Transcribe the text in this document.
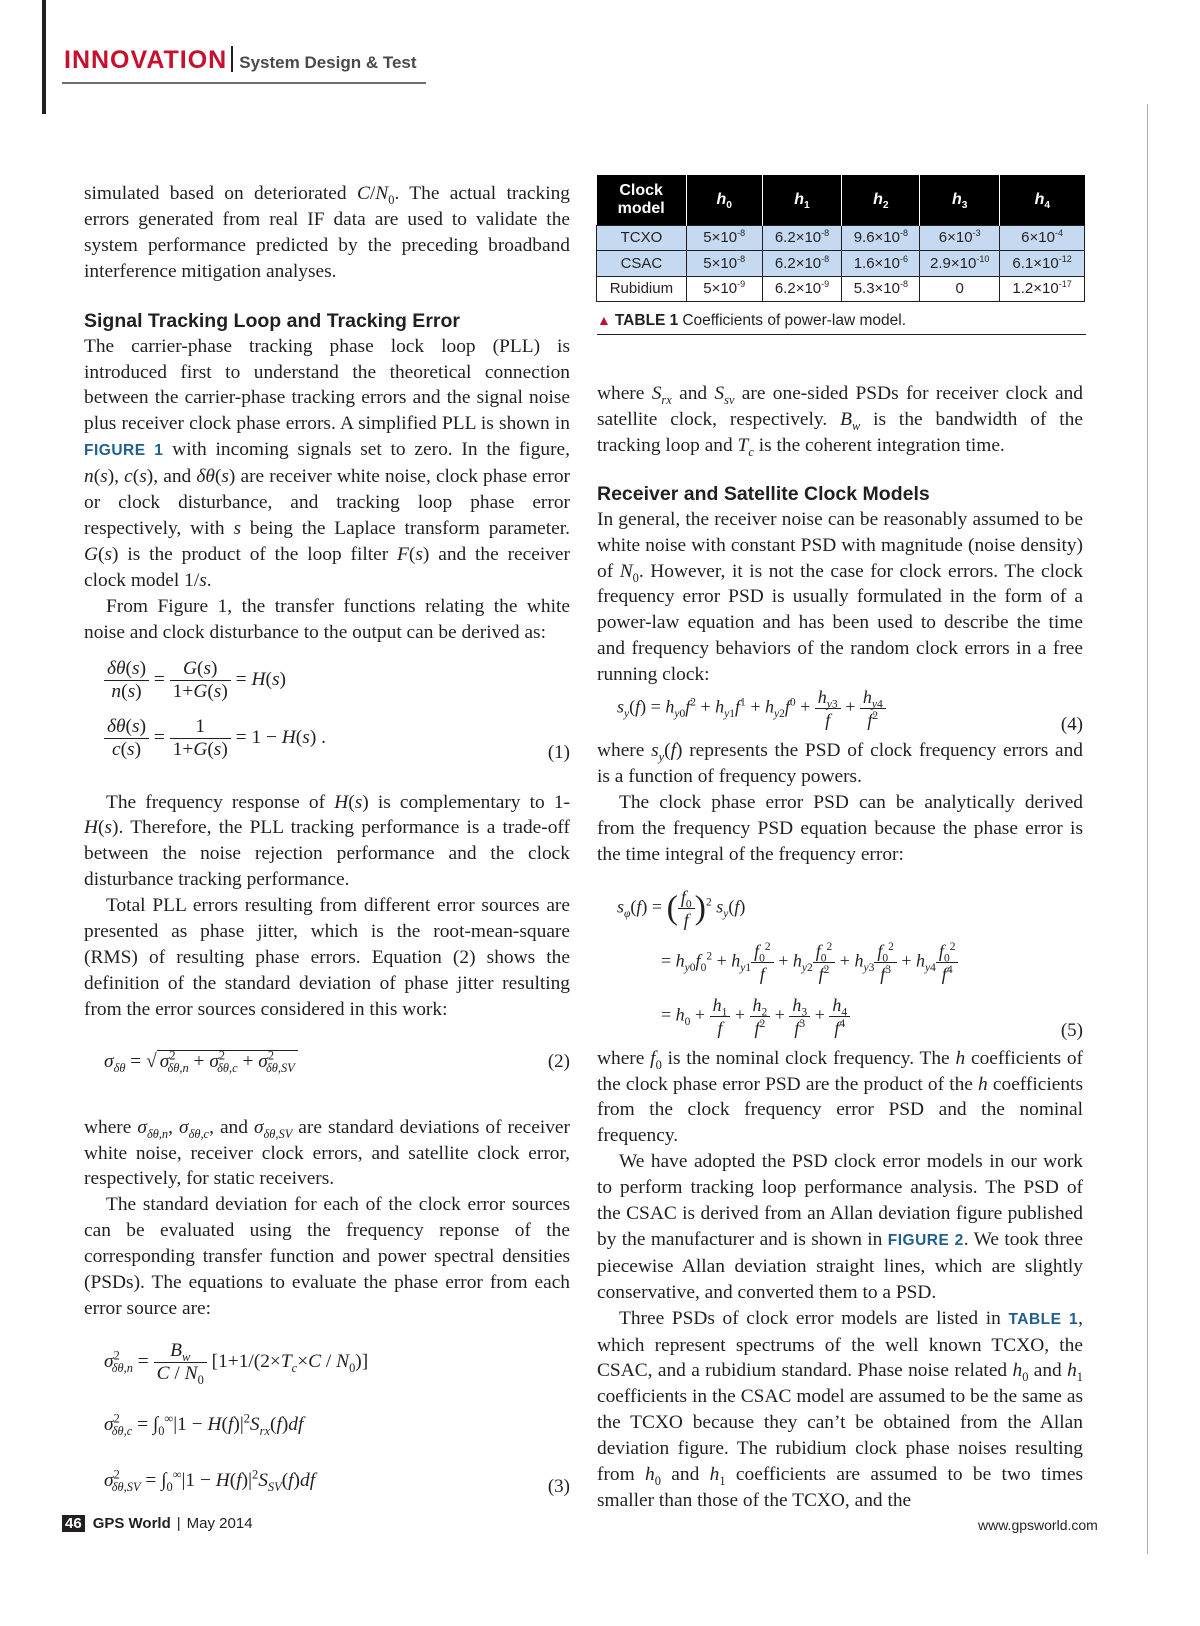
INNOVATION System Design & Test

simulated based on deteriorated $C/N_0$. The actual tracking errors generated from real IF data are used to validate the system performance predicted by the preceding broadband interference mitigation analyses.

Signal Tracking Loop and Tracking Error

The carrier-phase tracking phase lock loop (PLL) is introduced first to understand the theoretical connection between the carrier-phase tracking errors and the signal noise plus receiver clock phase errors. A simplified PLL is shown in FIGURE 1 with incoming signals set to zero. In the figure, n(s), c(s), and δθ(s) are receiver white noise, clock phase error or clock disturbance, and tracking loop phase error respectively, with s being the Laplace transform parameter. G(s) is the product of the loop filter F(s) and the receiver clock model 1/s.

From Figure 1, the transfer functions relating the white noise and clock disturbance to the output can be derived as:

$\frac{\delta\theta(s)}{n(s)} = \frac{G(s)}{1+G(s)} = H(s)$
$\frac{\delta\theta(s)}{c(s)} = \frac{1}{1+G(s)} = 1 - H(s)$ .
(1)

The frequency response of H(s) is complementary to 1-H(s). Therefore, the PLL tracking performance is a trade-off between the noise rejection performance and the clock disturbance tracking performance.

Total PLL errors resulting from different error sources are presented as phase jitter, which is the root-mean-square (RMS) of resulting phase errors. Equation (2) shows the definition of the standard deviation of phase jitter resulting from the error sources considered in this work:

$\sigma_{\delta\theta}$ = √ $\sigma^2_{\delta\theta,n} + \sigma^2_{\delta\theta,c} + \sigma^2_{\delta\theta,SV}$	(2)

where $\sigma_{\delta\theta,n}$, $\sigma_{\delta\theta,c}$, and $\sigma_{\delta\theta,SV}$ are standard deviations of receiver white noise, receiver clock errors, and satellite clock error, respectively, for static receivers.

The standard deviation for each of the clock error sources can be evaluated using the frequency reponse of the corresponding transfer function and power spectral densities (PSDs). The equations to evaluate the phase error from each error source are:

$\sigma^2_{\delta\theta,n} = \frac{B_w}{C / N_0} [1+1/(2\times T_c\times C / N_0)]$
$\sigma^2_{\delta\theta,c} = \int_0^\infty|1 - H(f)|^2S_{rx}(f)df$
$\sigma^2_{\delta\theta,SV} = \int_0^\infty|1 - H(f)|^2S_{SV}(f)df$	(3)
Clock model	$h_0$	$h_1$	$h_2$	$h_3$	$h_4$
TCXO	$5\times 10^{-8}$	$6.2\times 10^{-8}$	$9.6\times 10^{-8}$	$6\times 10^{-3}$	$6\times 10^{-4}$
CSAC	$5\times 10^{-8}$	$6.2\times 10^{-8}$	$1.6\times 10^{-6}$	$2.9\times 10^{-10}$	$6.1\times 10^{-12}$
Rubidium	$5\times 10^{-9}$	$6.2\times 10^{-9}$	$5.3\times 10^{-8}$	0	$1.2\times 10^{-17}$
▲ TABLE 1 Coefficients of power-law model.

where $S_{rx}$ and $S_{sv}$ are one-sided PSDs for receiver clock and satellite clock, respectively. $B_w$ is the bandwidth of the tracking loop and $T_c$ is the coherent integration time.

Receiver and Satellite Clock Models

In general, the receiver noise can be reasonably assumed to be white noise with constant PSD with magnitude (noise density) of $N_0$. However, it is not the case for clock errors. The clock frequency error PSD is usually formulated in the form of a power-law equation and has been used to describe the time and frequency behaviors of the random clock errors in a free running clock:

$s_y(f) = h_{y0}f^2 + h_{y1}f^1 + h_{y2}f^0 + \frac{h_{y3}}{f} + \frac{h_{y4}}{f^2}$	(4)

where $s_y(f)$ represents the PSD of clock frequency errors and is a function of frequency powers.

The clock phase error PSD can be analytically derived from the frequency PSD equation because the phase error is the time integral of the frequency error:

$s_\varphi(f)$ = ( $\frac{f_0}{f} )^2$ $s_y(f)$
= $h_{y0}f_0^2 + h_{y1} \frac{f_0^2}{f} + h_{y2} \frac{f_0^2}{f^2} + h_{y3} \frac{f_0^2}{f^3} + h_{y4} \frac{f_0^2}{f^4}$
= $h_0 + \frac{h_1}{f} + \frac{h_2}{f^2} + \frac{h_3}{f^3} + \frac{h_4}{f^4}$	(5)

where $f_0$ is the nominal clock frequency. The h coefficients of the clock phase error PSD are the product of the h coefficients from the clock frequency error PSD and the nominal frequency.

We have adopted the PSD clock error models in our work to perform tracking loop performance analysis. The PSD of the CSAC is derived from an Allan deviation figure published by the manufacturer and is shown in FIGURE 2. We took three piecewise Allan deviation straight lines, which are slightly conservative, and converted them to a PSD.

Three PSDs of clock error models are listed in TABLE 1, which represent spectrums of the well known TCXO, the CSAC, and a rubidium standard. Phase noise related $h_0$ and $h_1$ coefficients in the CSAC model are assumed to be the same as the TCXO because they can’t be obtained from the Allan deviation figure. The rubidium clock phase noises resulting from $h_0$ and $h_1$ coefficients are assumed to be two times smaller than those of the TCXO, and the

46 GPS World | May 2014	www.gpsworld.com
